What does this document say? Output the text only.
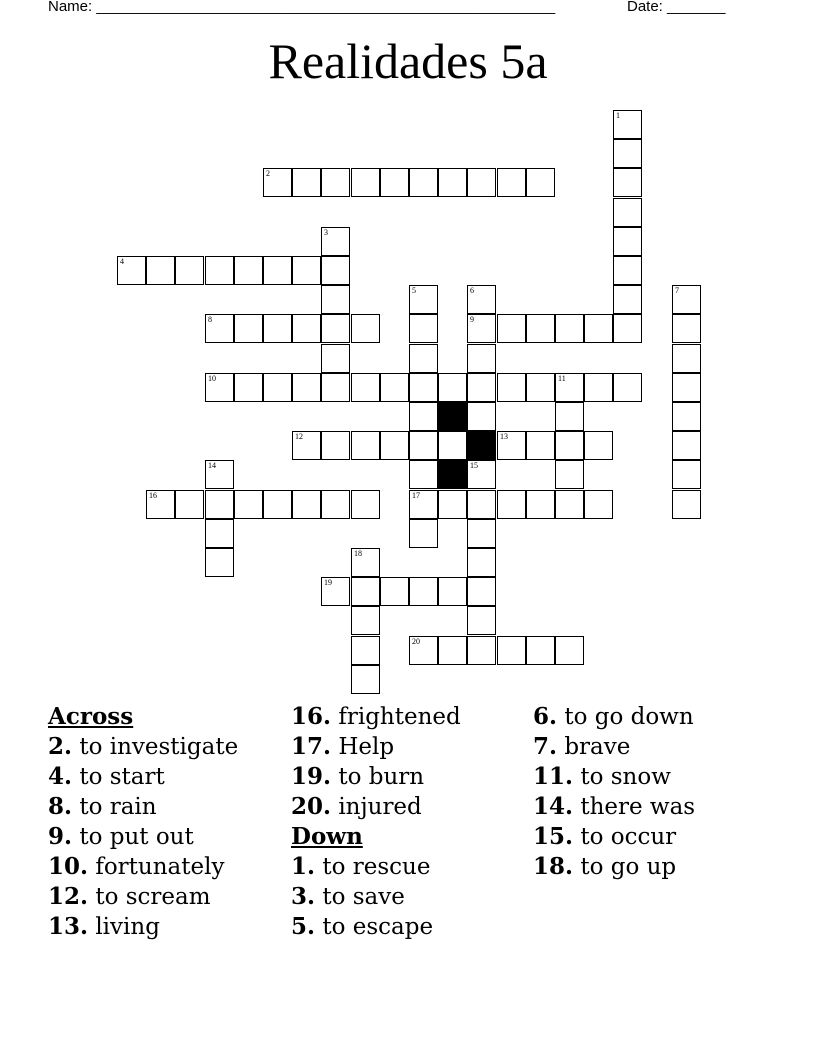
Name: _______________________________________________________	Date: _______
Realidades 5a
1
2
3
4
5
17
6
9
15
7
8
10	11
12	13
14
16
18
19
20
Across
2. to investigate
4. to start
8. to rain
9. to put out
10. fortunately
12. to scream
13. living
16. frightened
17. Help
19. to burn
20. injured
Down
1. to rescue
3. to save
5. to escape
6. to go down
7. brave
11. to snow
14. there was
15. to occur
18. to go up
